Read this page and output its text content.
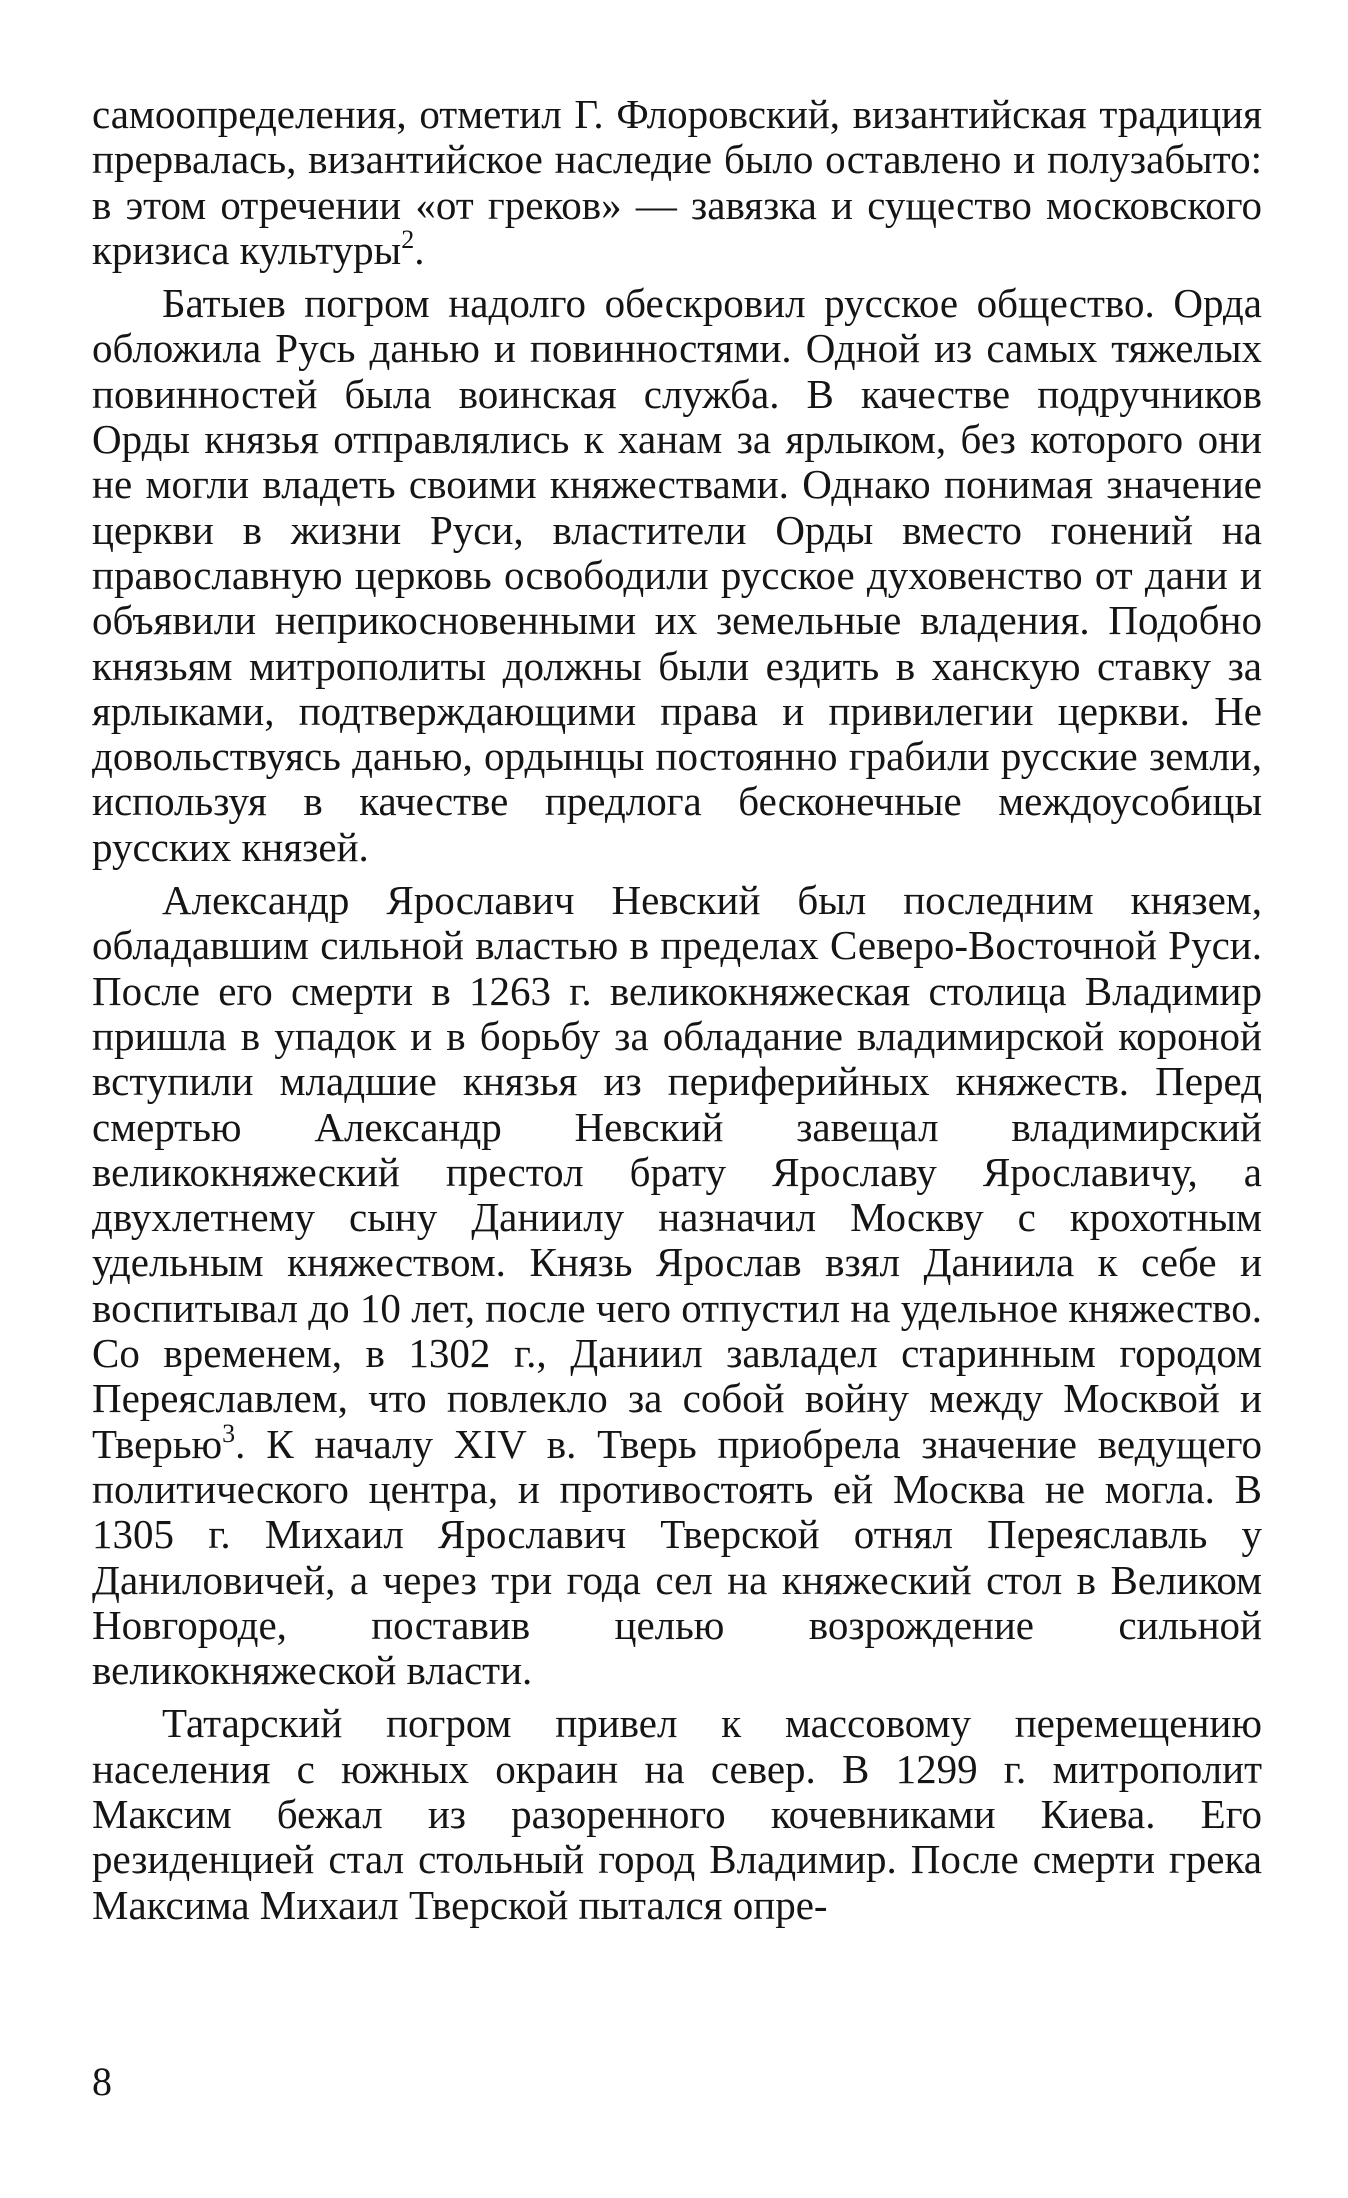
самоопределения, отметил Г. Флоровский, византийская традиция прервалась, византийское наследие было оставлено и полузабыто: в этом отречении «от греков» — завязка и существо московского кризиса культуры$^2$.

Батыев погром надолго обескровил русское общество. Орда обложила Русь данью и повинностями. Одной из самых тяжелых повинностей была воинская служба. В качестве подручников Орды князья отправлялись к ханам за ярлыком, без которого они не могли владеть своими княжествами. Однако понимая значение церкви в жизни Руси, властители Орды вместо гонений на православную церковь освободили русское духовенство от дани и объявили неприкосновенными их земельные владения. Подобно князьям митрополиты должны были ездить в ханскую ставку за ярлыками, подтверждающими права и привилегии церкви. Не довольствуясь данью, ордынцы постоянно грабили русские земли, используя в качестве предлога бесконечные междоусобицы русских князей.

Александр Ярославич Невский был последним князем, обладавшим сильной властью в пределах Северо-Восточной Руси. После его смерти в 1263 г. великокняжеская столица Владимир пришла в упадок и в борьбу за обладание владимирской короной вступили младшие князья из периферийных княжеств. Перед смертью Александр Невский завещал владимирский великокняжеский престол брату Ярославу Ярославичу, а двухлетнему сыну Даниилу назначил Москву с крохотным удельным княжеством. Князь Ярослав взял Даниила к себе и воспитывал до 10 лет, после чего отпустил на удельное княжество. Со временем, в 1302 г., Даниил завладел старинным городом Переяславлем, что повлекло за собой войну между Москвой и Тверью$^3$. К началу XIV в. Тверь приобрела значение ведущего политического центра, и противостоять ей Москва не могла. В 1305 г. Михаил Ярославич Тверской отнял Переяславль у Даниловичей, а через три года сел на княжеский стол в Великом Новгороде, поставив целью возрождение сильной великокняжеской власти.

Татарский погром привел к массовому перемещению населения с южных окраин на север. В 1299 г. митрополит Максим бежал из разоренного кочевниками Киева. Его резиденцией стал стольный город Владимир. После смерти грека Максима Михаил Тверской пытался опре-

8
